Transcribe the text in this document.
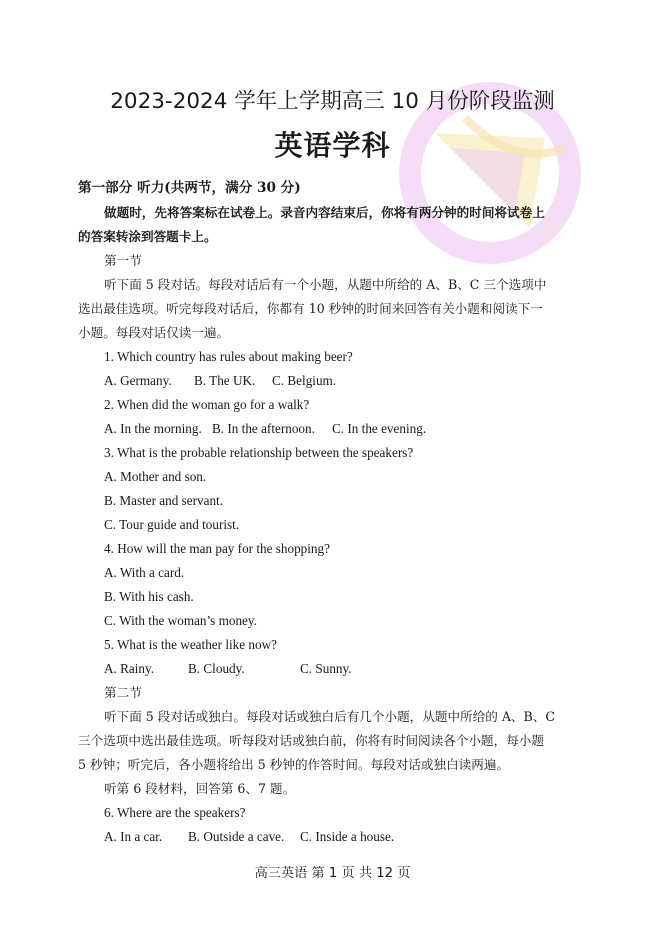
2023-2024 学年上学期高三 10 月份阶段监测
英语学科
第一部分 听力(共两节，满分 30 分)
做题时，先将答案标在试卷上。录音内容结束后，你将有两分钟的时间将试卷上
的答案转涂到答题卡上。
第一节
听下面 5 段对话。每段对话后有一个小题，从题中所给的 A、B、C 三个选项中
选出最佳选项。听完每段对话后，你都有 10 秒钟的时间来回答有关小题和阅读下一
小题。每段对话仅读一遍。
1. Which country has rules about making beer?
A. Germany. B. The UK. C. Belgium.
2. When did the woman go for a walk?
A. In the morning. B. In the afternoon. C. In the evening.
3. What is the probable relationship between the speakers?
A. Mother and son.
B. Master and servant.
C. Tour guide and tourist.
4. How will the man pay for the shopping?
A. With a card.
B. With his cash.
C. With the woman’s money.
5. What is the weather like now?
A. Rainy.	B. Cloudy.	C. Sunny.
第二节
听下面 5 段对话或独白。每段对话或独白后有几个小题，从题中所给的 A、B、C
三个选项中选出最佳选项。听每段对话或独白前，你将有时间阅读各个小题，每小题
5 秒钟；听完后，各小题将给出 5 秒钟的作答时间。每段对话或独白读两遍。
听第 6 段材料，回答第 6、7 题。
6. Where are the speakers?
A. In a car. B. Outside a cave. C. Inside a house.
高三英语 第 1 页 共 12 页
